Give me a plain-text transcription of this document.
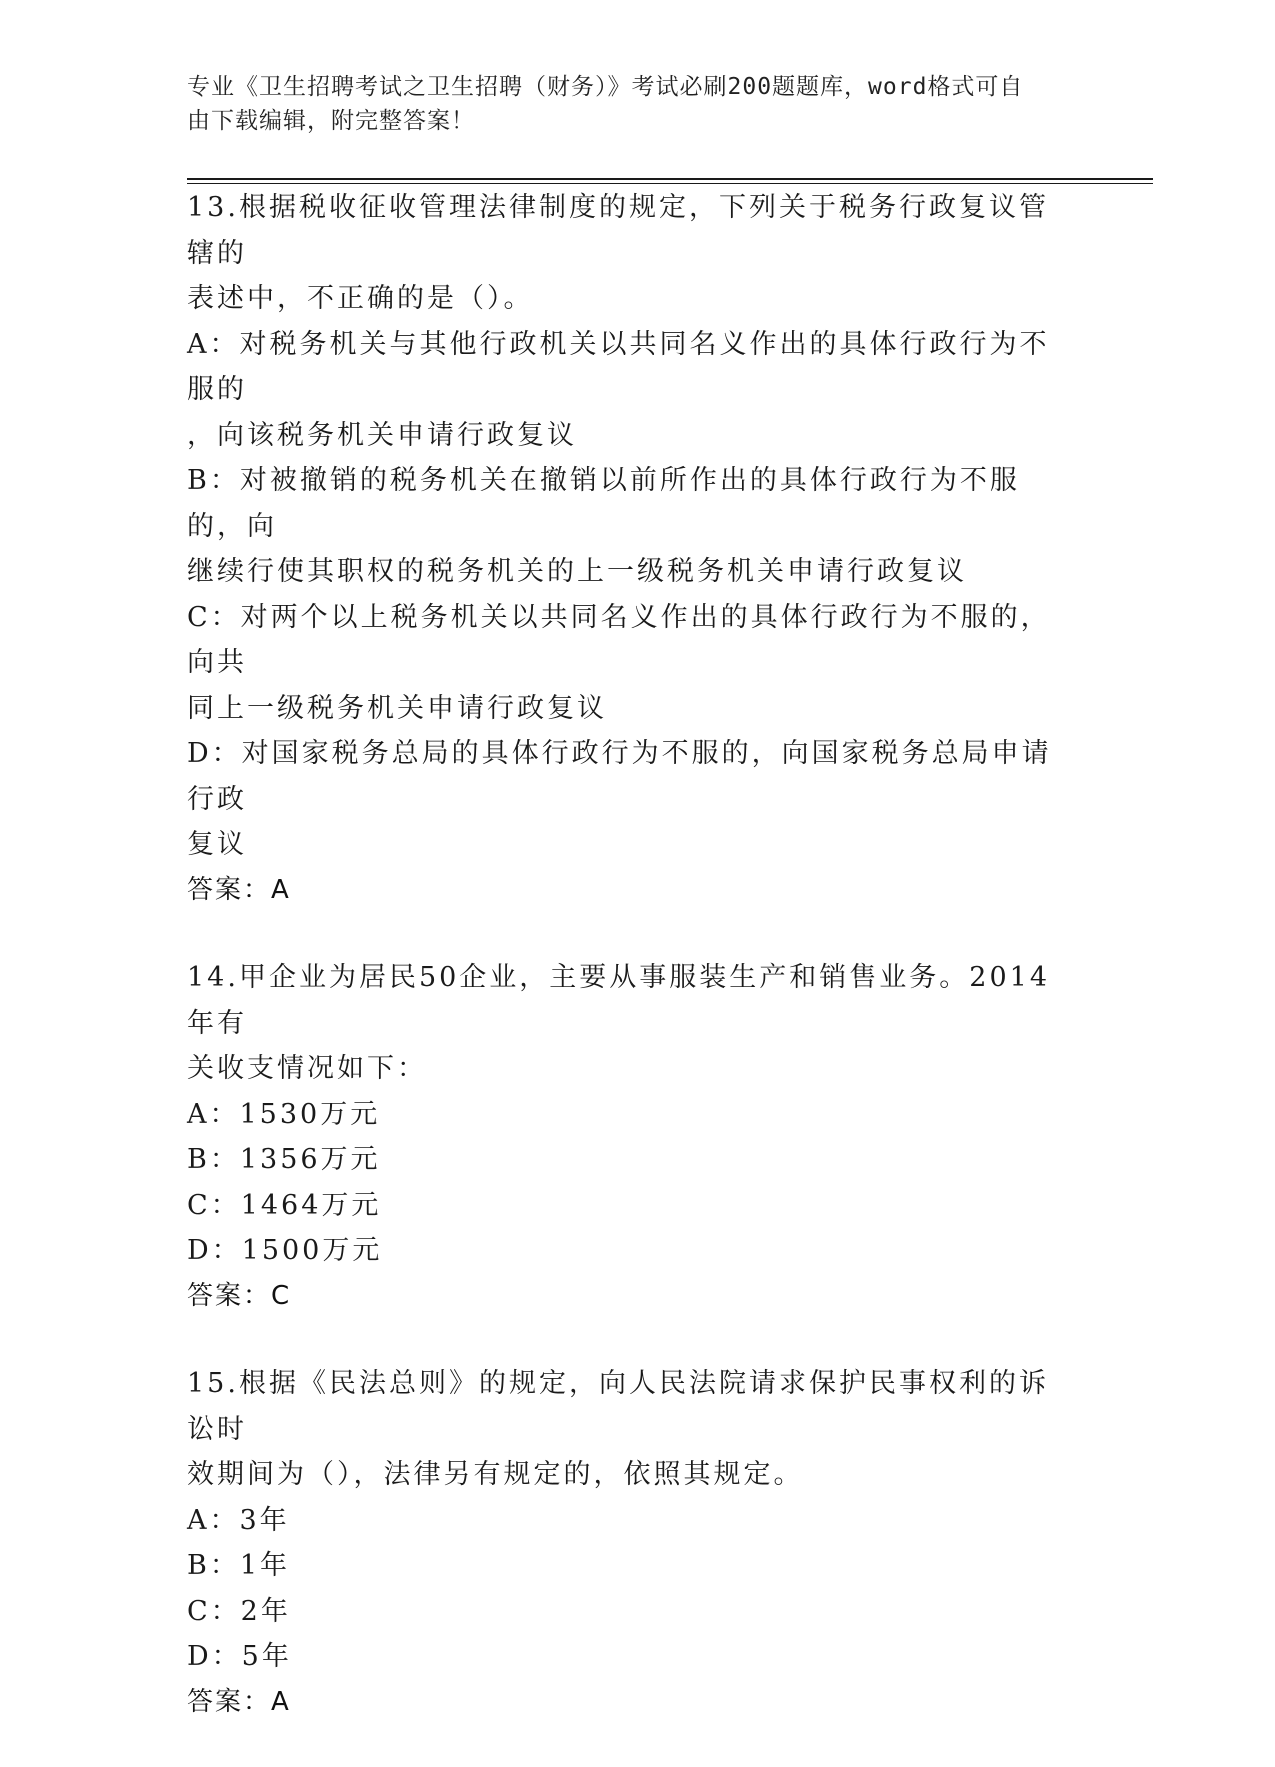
专业《卫生招聘考试之卫生招聘（财务）》考试必刷200题题库，word格式可自
由下载编辑，附完整答案！

13.根据税收征收管理法律制度的规定，下列关于税务行政复议管辖的

表述中，不正确的是（）。

A：对税务机关与其他行政机关以共同名义作出的具体行政行为不服的

，向该税务机关申请行政复议

B：对被撤销的税务机关在撤销以前所作出的具体行政行为不服的，向

继续行使其职权的税务机关的上一级税务机关申请行政复议

C：对两个以上税务机关以共同名义作出的具体行政行为不服的，向共

同上一级税务机关申请行政复议

D：对国家税务总局的具体行政行为不服的，向国家税务总局申请行政

复议

答案：A

14.甲企业为居民50企业，主要从事服装生产和销售业务。2014年有

关收支情况如下：

A：1530万元

B：1356万元

C：1464万元

D：1500万元

答案：C

15.根据《民法总则》的规定，向人民法院请求保护民事权利的诉讼时

效期间为（），法律另有规定的，依照其规定。

A：3年

B：1年

C：2年

D：5年

答案：A
